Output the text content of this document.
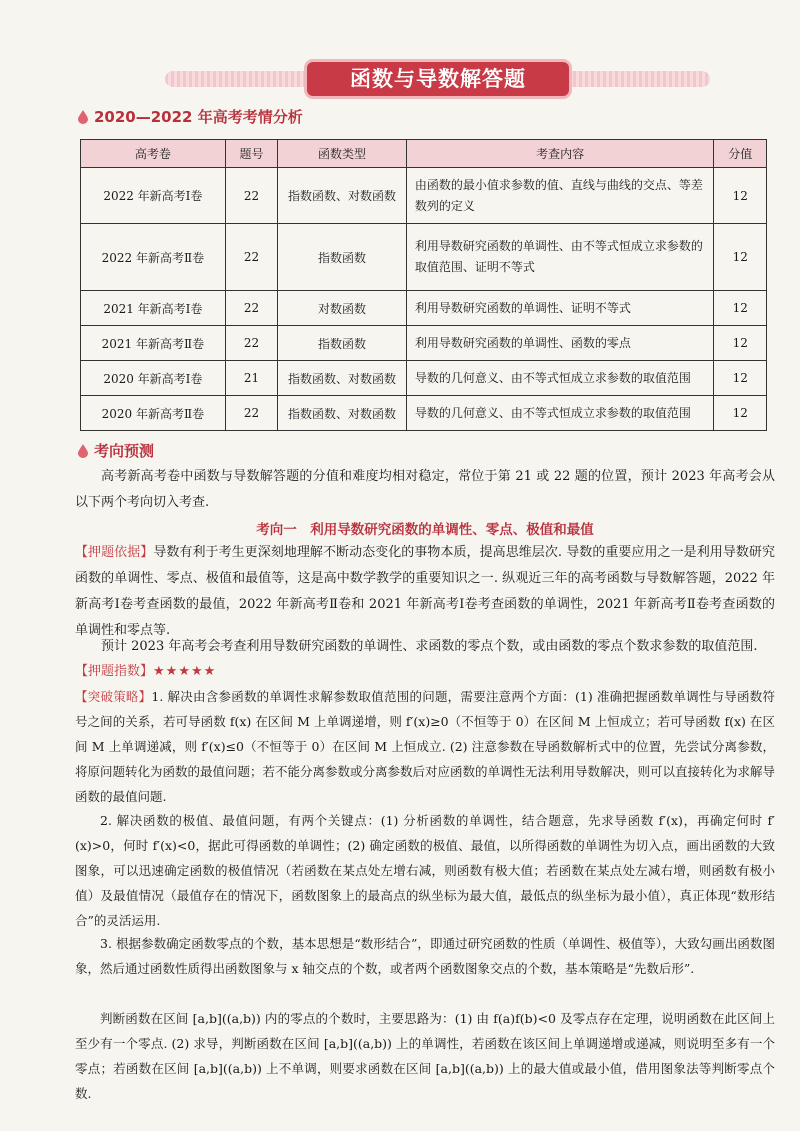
函数与导数解答题
2020—2022 年高考考情分析
高考卷	题号	函数类型	考查内容	分值
2022 年新高考Ⅰ卷	22	指数函数、对数函数	由函数的最小值求参数的值、直线与曲线的交点、等差数列的定义	12
2022 年新高考Ⅱ卷	22	指数函数	利用导数研究函数的单调性、由不等式恒成立求参数的取值范围、证明不等式	12
2021 年新高考Ⅰ卷	22	对数函数	利用导数研究函数的单调性、证明不等式	12
2021 年新高考Ⅱ卷	22	指数函数	利用导数研究函数的单调性、函数的零点	12
2020 年新高考Ⅰ卷	21	指数函数、对数函数	导数的几何意义、由不等式恒成立求参数的取值范围	12
2020 年新高考Ⅱ卷	22	指数函数、对数函数	导数的几何意义、由不等式恒成立求参数的取值范围	12
考向预测
高考新高考卷中函数与导数解答题的分值和难度均相对稳定，常位于第 21 或 22 题的位置，预计 2023 年高考会从以下两个考向切入考查.
考向一　利用导数研究函数的单调性、零点、极值和最值
【押题依据】导数有利于考生更深刻地理解不断动态变化的事物本质，提高思维层次. 导数的重要应用之一是利用导数研究函数的单调性、零点、极值和最值等，这是高中数学教学的重要知识之一. 纵观近三年的高考函数与导数解答题，2022 年新高考Ⅰ卷考查函数的最值，2022 年新高考Ⅱ卷和 2021 年新高考Ⅰ卷考查函数的单调性，2021 年新高考Ⅱ卷考查函数的单调性和零点等.
预计 2023 年高考会考查利用导数研究函数的单调性、求函数的零点个数，或由函数的零点个数求参数的取值范围.
【押题指数】★★★★★
【突破策略】1. 解决由含参函数的单调性求解参数取值范围的问题，需要注意两个方面：(1) 准确把握函数单调性与导函数符号之间的关系，若可导函数 f(x) 在区间 M 上单调递增，则 f′(x)≥0（不恒等于 0）在区间 M 上恒成立；若可导函数 f(x) 在区间 M 上单调递减，则 f′(x)≤0（不恒等于 0）在区间 M 上恒成立. (2) 注意参数在导函数解析式中的位置，先尝试分离参数，将原问题转化为函数的最值问题；若不能分离参数或分离参数后对应函数的单调性无法利用导数解决，则可以直接转化为求解导函数的最值问题.
2. 解决函数的极值、最值问题，有两个关键点：(1) 分析函数的单调性，结合题意，先求导函数 f′(x)，再确定何时 f′(x)>0，何时 f′(x)<0，据此可得函数的单调性；(2) 确定函数的极值、最值，以所得函数的单调性为切入点，画出函数的大致图象，可以迅速确定函数的极值情况（若函数在某点处左增右减，则函数有极大值；若函数在某点处左减右增，则函数有极小值）及最值情况（最值存在的情况下，函数图象上的最高点的纵坐标为最大值，最低点的纵坐标为最小值），真正体现“数形结合”的灵活运用.
3. 根据参数确定函数零点的个数，基本思想是“数形结合”，即通过研究函数的性质（单调性、极值等），大致勾画出函数图象，然后通过函数性质得出函数图象与 x 轴交点的个数，或者两个函数图象交点的个数，基本策略是“先数后形”.
判断函数在区间 [a,b]((a,b)) 内的零点的个数时，主要思路为：(1) 由 f(a)f(b)<0 及零点存在定理，说明函数在此区间上至少有一个零点. (2) 求导，判断函数在区间 [a,b]((a,b)) 上的单调性，若函数在该区间上单调递增或递减，则说明至多有一个零点；若函数在区间 [a,b]((a,b)) 上不单调，则要求函数在区间 [a,b]((a,b)) 上的最大值或最小值，借用图象法等判断零点个数.
